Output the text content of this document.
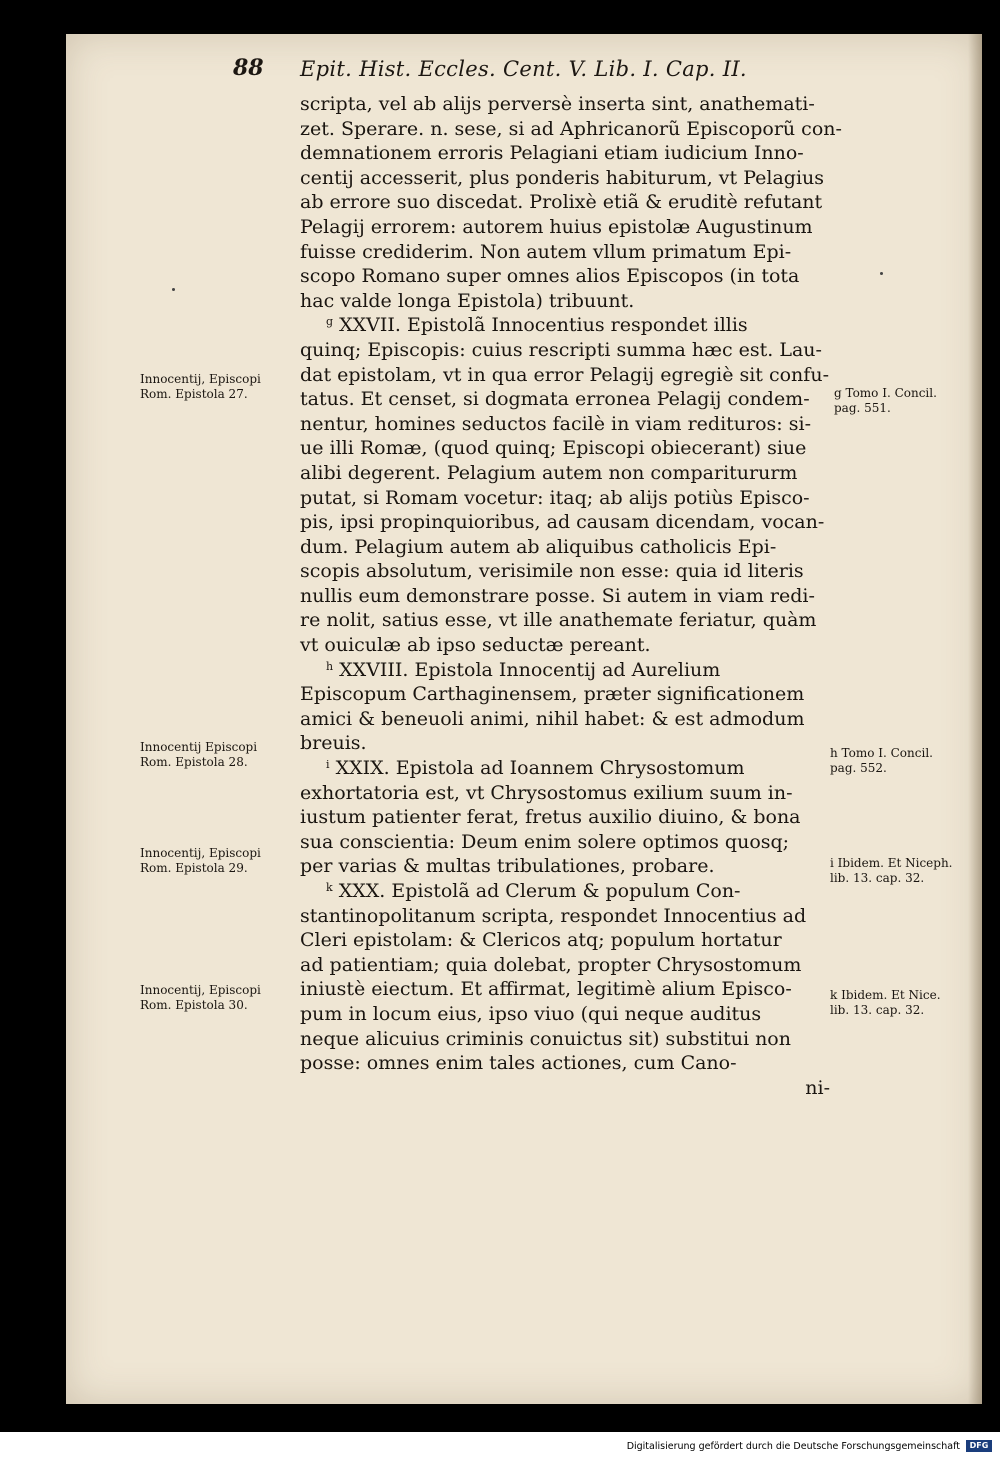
88 Epit. Hist. Eccles. Cent. V. Lib. I. Cap. II.
scripta, vel ab alijs perversè inserta sint, anathemati-
zet. Sperare. n. sese, si ad Aphricanorũ Episcoporũ con-
demnationem erroris Pelagiani etiam iudicium Inno-
centij accesserit, plus ponderis habiturum, vt Pelagius
ab errore suo discedat. Prolixè etiã & eruditè refutant
Pelagij errorem: autorem huius epistolæ Augustinum
fuisse crediderim. Non autem vllum primatum Epi-
scopo Romano super omnes alios Episcopos (in tota
hac valde longa Epistola) tribuunt.
$^g$ XXVII. Epistolã Innocentius respondet illis
quinq; Episcopis: cuius rescripti summa hæc est. Lau-
dat epistolam, vt in qua error Pelagij egregiè sit confu-
tatus. Et censet, si dogmata erronea Pelagij condem-
nentur, homines seductos facilè in viam redituros: si-
ue illi Romæ, (quod quinq; Episcopi obiecerant) siue
alibi degerent. Pelagium autem non comparitururm
putat, si Romam vocetur: itaq; ab alijs potiùs Episco-
pis, ipsi propinquioribus, ad causam dicendam, vocan-
dum. Pelagium autem ab aliquibus catholicis Epi-
scopis absolutum, verisimile non esse: quia id literis
nullis eum demonstrare posse. Si autem in viam redi-
re nolit, satius esse, vt ille anathemate feriatur, quàm
vt ouiculæ ab ipso seductæ pereant.
$^h$ XXVIII. Epistola Innocentij ad Aurelium
Episcopum Carthaginensem, præter significationem
amici & beneuoli animi, nihil habet: & est admodum
breuis.
$^i$ XXIX. Epistola ad Ioannem Chrysostomum
exhortatoria est, vt Chrysostomus exilium suum in-
iustum patienter ferat, fretus auxilio diuino, & bona
sua conscientia: Deum enim solere optimos quosq;
per varias & multas tribulationes, probare.
$^k$ XXX. Epistolã ad Clerum & populum Con-
stantinopolitanum scripta, respondet Innocentius ad
Cleri epistolam: & Clericos atq; populum hortatur
ad patientiam; quia dolebat, propter Chrysostomum
iniustè eiectum. Et affirmat, legitimè alium Episco-
pum in locum eius, ipso viuo (qui neque auditus
neque alicuius criminis conuictus sit) substitui non
posse: omnes enim tales actiones, cum Cano-
ni-
Innocentij, Episcopi
Rom. Epistola 27.
Innocentij Episcopi
Rom. Epistola 28.
Innocentij, Episcopi
Rom. Epistola 29.
Innocentij, Episcopi
Rom. Epistola 30.
g Tomo I. Concil.
pag. 551.
h Tomo I. Concil.
pag. 552.
i Ibidem. Et Niceph.
lib. 13. cap. 32.
k Ibidem. Et Nice.
lib. 13. cap. 32.
Digitalisierung gefördert durch die Deutsche Forschungsgemeinschaft	DFG
